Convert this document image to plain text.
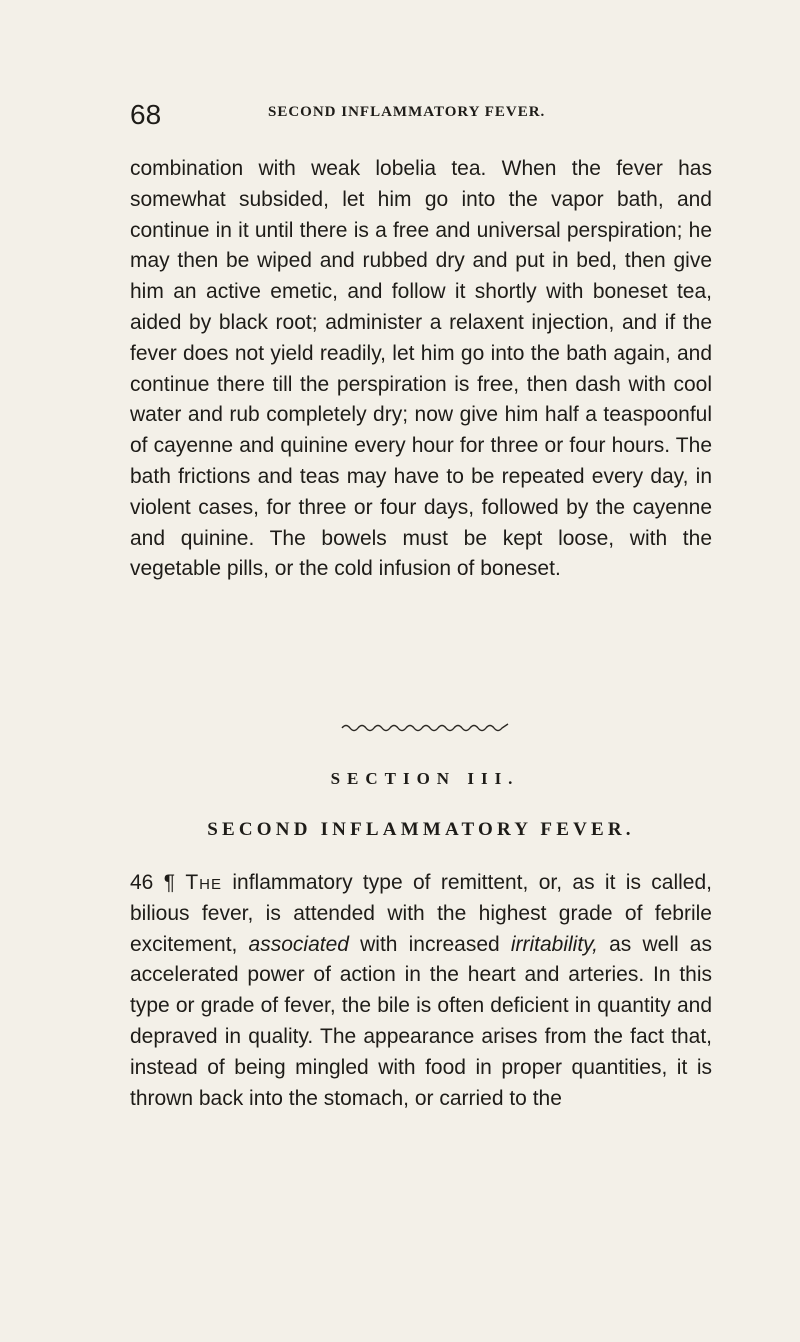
68	SECOND INFLAMMATORY FEVER.

combination with weak lobelia tea. When the fever has somewhat subsided, let him go into the vapor bath, and continue in it until there is a free and universal perspiration; he may then be wiped and rubbed dry and put in bed, then give him an active emetic, and follow it shortly with boneset tea, aided by black root; administer a relaxent injection, and if the fever does not yield readily, let him go into the bath again, and continue there till the perspiration is free, then dash with cool water and rub completely dry; now give him half a teaspoonful of cayenne and quinine every hour for three or four hours. The bath frictions and teas may have to be repeated every day, in violent cases, for three or four days, followed by the cayenne and quinine. The bowels must be kept loose, with the vegetable pills, or the cold infusion of boneset.

SECTION III.
SECOND INFLAMMATORY FEVER.

46 ¶ The inflammatory type of remittent, or, as it is called, bilious fever, is attended with the highest grade of febrile excitement, associated with increased irritability, as well as accelerated power of action in the heart and arteries. In this type or grade of fever, the bile is often deficient in quantity and depraved in quality. The appearance arises from the fact that, instead of being mingled with food in proper quantities, it is thrown back into the stomach, or carried to the
